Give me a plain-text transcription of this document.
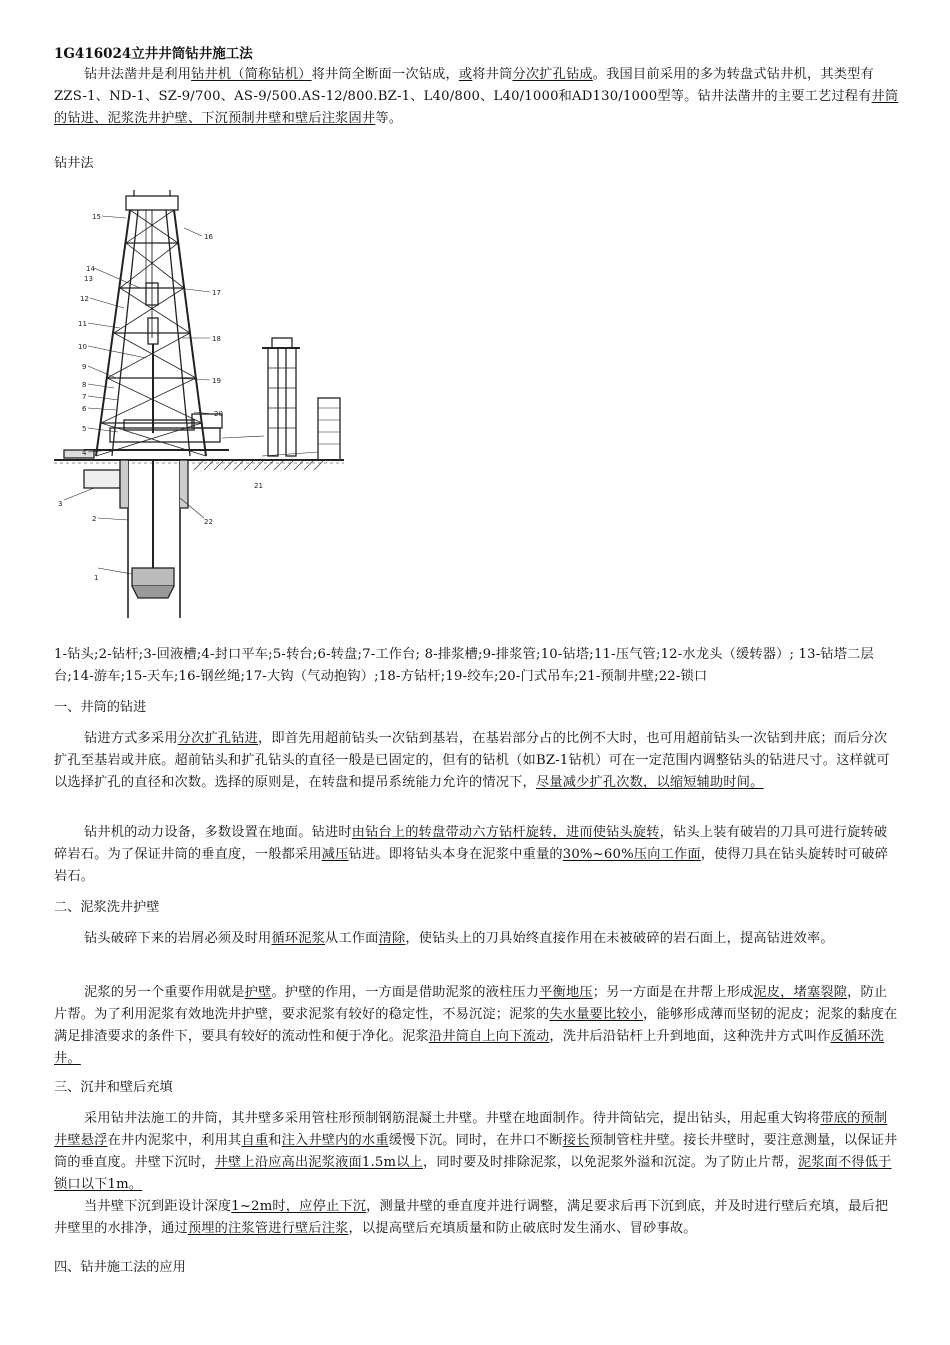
1G416024立井井筒钻井施工法

钻井法凿井是利用钻井机（简称钻机）将井筒全断面一次钻成，或将井筒分次扩孔钻成。我国目前采用的多为转盘式钻井机，其类型有ZZS-1、ND-1、SZ-9/700、AS-9/500.AS-12/800.BZ-1、L40/800、L40/1000和AD130/1000型等。钻井法凿井的主要工艺过程有井筒的钻进、泥浆洗井护壁、下沉预制井壁和壁后注浆固井等。

钻井法
1
2
3
4
5
6
7
8
9
10
11
12
13
14
15
16
17
18
19
20
21
22

1-钻头;2-钻杆;3-回液槽;4-封口平车;5-转台;6-转盘;7-工作台; 8-排浆槽;9-排浆管;10-钻塔;11-压气管;12-水龙头（缓转器）; 13-钻塔二层台;14-游车;15-天车;16-钢丝绳;17-大钩（气动抱钩）;18-方钻杆;19-绞车;20-门式吊车;21-预制井壁;22-锁口

一、井筒的钻进

钻进方式多采用分次扩孔钻进，即首先用超前钻头一次钻到基岩，在基岩部分占的比例不大时，也可用超前钻头一次钻到井底；而后分次扩孔至基岩或井底。超前钻头和扩孔钻头的直径一般是已固定的，但有的钻机（如BZ-1钻机）可在一定范围内调整钻头的钻进尺寸。这样就可以选择扩孔的直径和次数。选择的原则是，在转盘和提吊系统能力允许的情况下，尽量减少扩孔次数，以缩短辅助时间。

钻井机的动力设备，多数设置在地面。钻进时由钻台上的转盘带动六方钻杆旋转，进而使钻头旋转，钻头上装有破岩的刀具可进行旋转破碎岩石。为了保证井筒的垂直度，一般都采用减压钻进。即将钻头本身在泥浆中重量的30%~60%压向工作面，使得刀具在钻头旋转时可破碎岩石。

二、泥浆洗井护壁

钻头破碎下来的岩屑必须及时用循环泥浆从工作面清除，使钻头上的刀具始终直接作用在未被破碎的岩石面上，提高钻进效率。

泥浆的另一个重要作用就是护壁。护壁的作用，一方面是借助泥浆的液柱压力平衡地压；另一方面是在井帮上形成泥皮，堵塞裂隙，防止片帮。为了利用泥浆有效地洗井护壁，要求泥浆有较好的稳定性，不易沉淀；泥浆的失水量要比较小，能够形成薄而坚韧的泥皮；泥浆的黏度在满足排渣要求的条件下，要具有较好的流动性和便于净化。泥浆沿井筒自上向下流动，洗井后沿钻杆上升到地面，这种洗井方式叫作反循环洗井。

三、沉井和壁后充填

采用钻井法施工的井筒，其井壁多采用管柱形预制钢筋混凝土井壁。井壁在地面制作。待井筒钻完，提出钻头，用起重大钩将带底的预制井壁悬浮在井内泥浆中，利用其自重和注入井壁内的水重缓慢下沉。同时，在井口不断接长预制管柱井壁。接长井壁时，要注意测量，以保证井筒的垂直度。井壁下沉时，井壁上沿应高出泥浆液面1.5m以上，同时要及时排除泥浆，以免泥浆外溢和沉淀。为了防止片帮，泥浆面不得低于锁口以下1m。

当井壁下沉到距设计深度1~2m时，应停止下沉，测量井壁的垂直度并进行调整，满足要求后再下沉到底，并及时进行壁后充填，最后把井壁里的水排净，通过预埋的注浆管进行壁后注浆，以提高壁后充填质量和防止破底时发生涌水、冒砂事故。

四、钻井施工法的应用
